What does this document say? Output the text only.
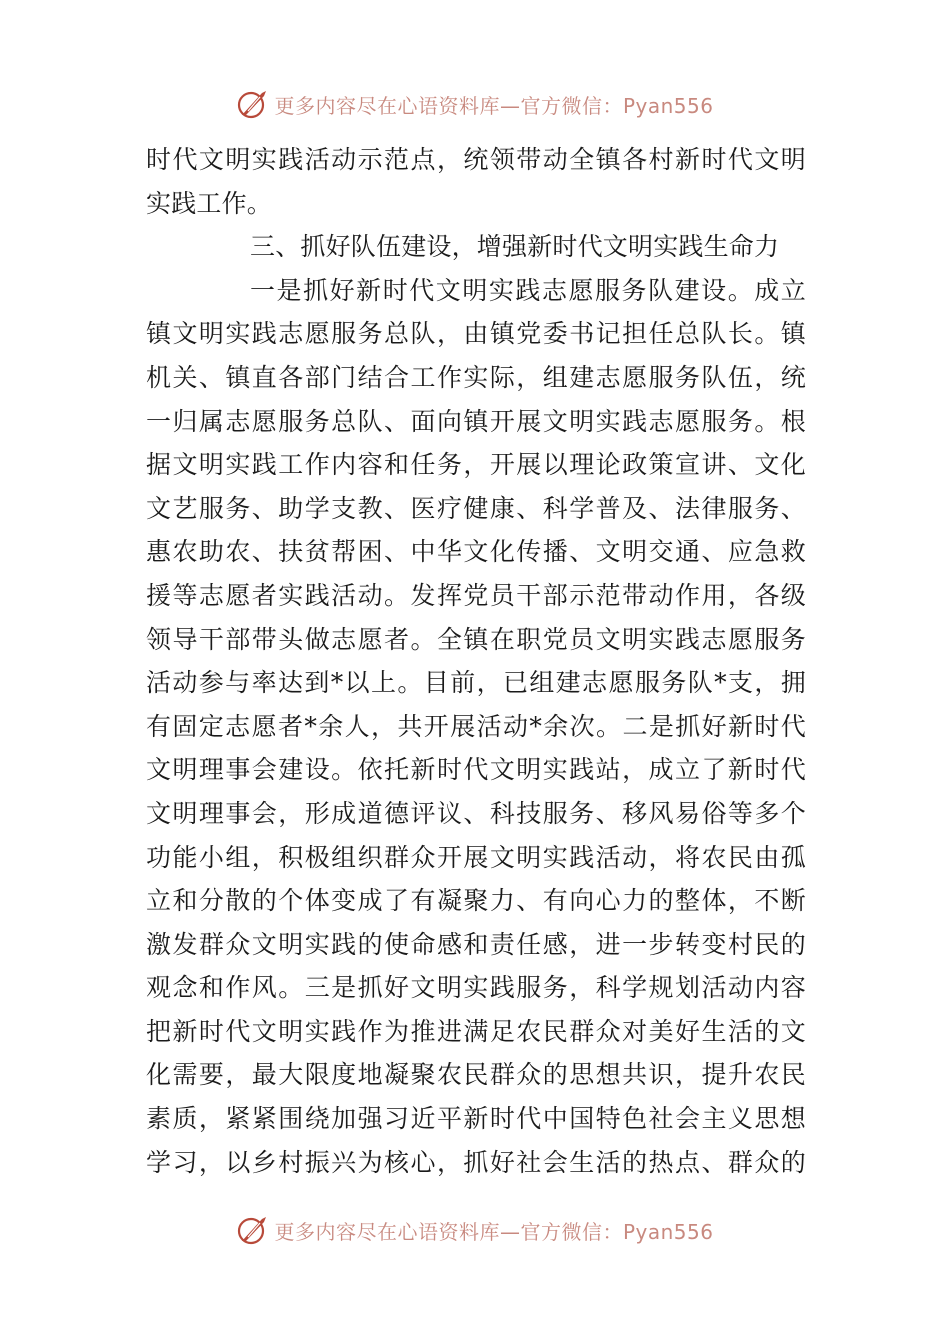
更多内容尽在心语资料库—官方微信：Pyan556
时代文明实践活动示范点，统领带动全镇各村新时代文明
实践工作。
三、抓好队伍建设，增强新时代文明实践生命力
一是抓好新时代文明实践志愿服务队建设。成立
镇文明实践志愿服务总队，由镇党委书记担任总队长。镇
机关、镇直各部门结合工作实际，组建志愿服务队伍，统
一归属志愿服务总队、面向镇开展文明实践志愿服务。根
据文明实践工作内容和任务，开展以理论政策宣讲、文化
文艺服务、助学支教、医疗健康、科学普及、法律服务、
惠农助农、扶贫帮困、中华文化传播、文明交通、应急救
援等志愿者实践活动。发挥党员干部示范带动作用，各级
领导干部带头做志愿者。全镇在职党员文明实践志愿服务
活动参与率达到*以上。目前，已组建志愿服务队*支，拥
有固定志愿者*余人，共开展活动*余次。二是抓好新时代
文明理事会建设。依托新时代文明实践站，成立了新时代
文明理事会，形成道德评议、科技服务、移风易俗等多个
功能小组，积极组织群众开展文明实践活动，将农民由孤
立和分散的个体变成了有凝聚力、有向心力的整体，不断
激发群众文明实践的使命感和责任感，进一步转变村民的
观念和作风。三是抓好文明实践服务，科学规划活动内容
把新时代文明实践作为推进满足农民群众对美好生活的文
化需要，最大限度地凝聚农民群众的思想共识，提升农民
素质，紧紧围绕加强习近平新时代中国特色社会主义思想
学习，以乡村振兴为核心，抓好社会生活的热点、群众的
更多内容尽在心语资料库—官方微信：Pyan556
